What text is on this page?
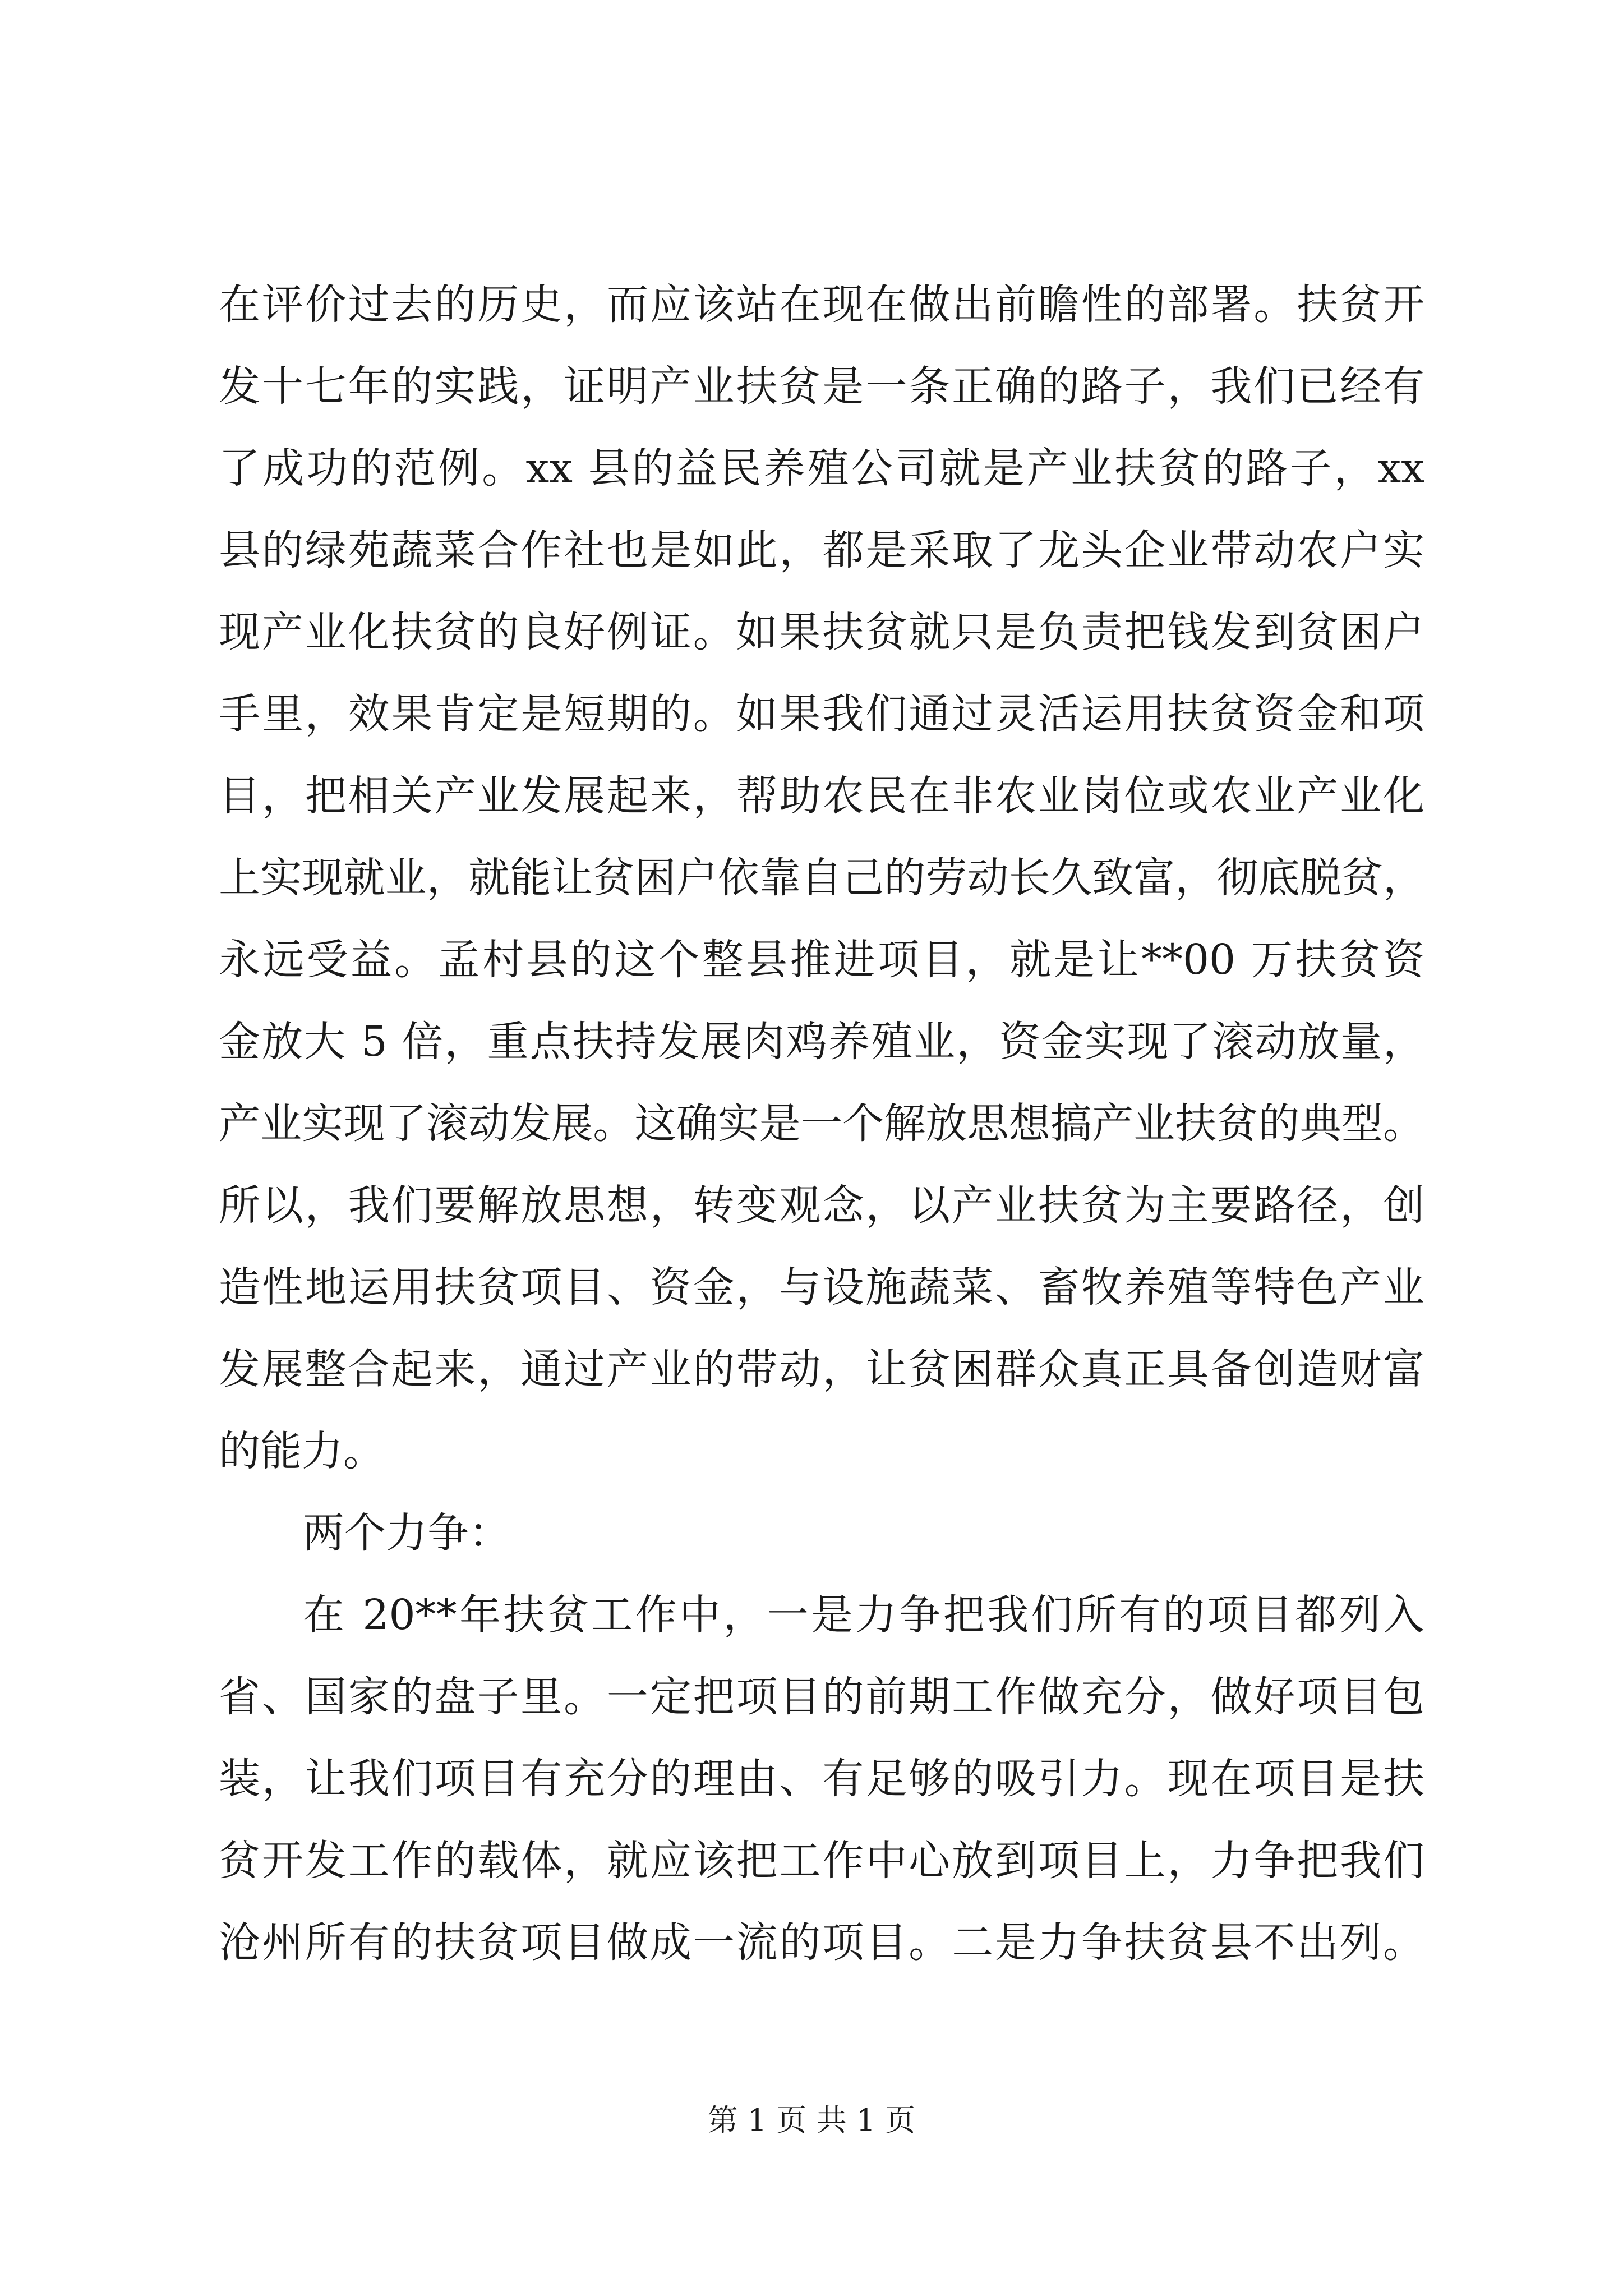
在评价过去的历史，而应该站在现在做出前瞻性的部署。扶贫开
发十七年的实践，证明产业扶贫是一条正确的路子，我们已经有
了成功的范例。xx 县的益民养殖公司就是产业扶贫的路子，xx
县的绿苑蔬菜合作社也是如此，都是采取了龙头企业带动农户实
现产业化扶贫的良好例证。如果扶贫就只是负责把钱发到贫困户
手里，效果肯定是短期的。如果我们通过灵活运用扶贫资金和项
目，把相关产业发展起来，帮助农民在非农业岗位或农业产业化
上实现就业，就能让贫困户依靠自己的劳动长久致富，彻底脱贫，
永远受益。孟村县的这个整县推进项目，就是让**00 万扶贫资
金放大 5 倍，重点扶持发展肉鸡养殖业，资金实现了滚动放量，
产业实现了滚动发展。这确实是一个解放思想搞产业扶贫的典型。
所以，我们要解放思想，转变观念，以产业扶贫为主要路径，创
造性地运用扶贫项目、资金，与设施蔬菜、畜牧养殖等特色产业
发展整合起来，通过产业的带动，让贫困群众真正具备创造财富
的能力。
两个力争：
在 20**年扶贫工作中，一是力争把我们所有的项目都列入
省、国家的盘子里。一定把项目的前期工作做充分，做好项目包
装，让我们项目有充分的理由、有足够的吸引力。现在项目是扶
贫开发工作的载体，就应该把工作中心放到项目上，力争把我们
沧州所有的扶贫项目做成一流的项目。二是力争扶贫县不出列。
第 1 页 共 1 页
